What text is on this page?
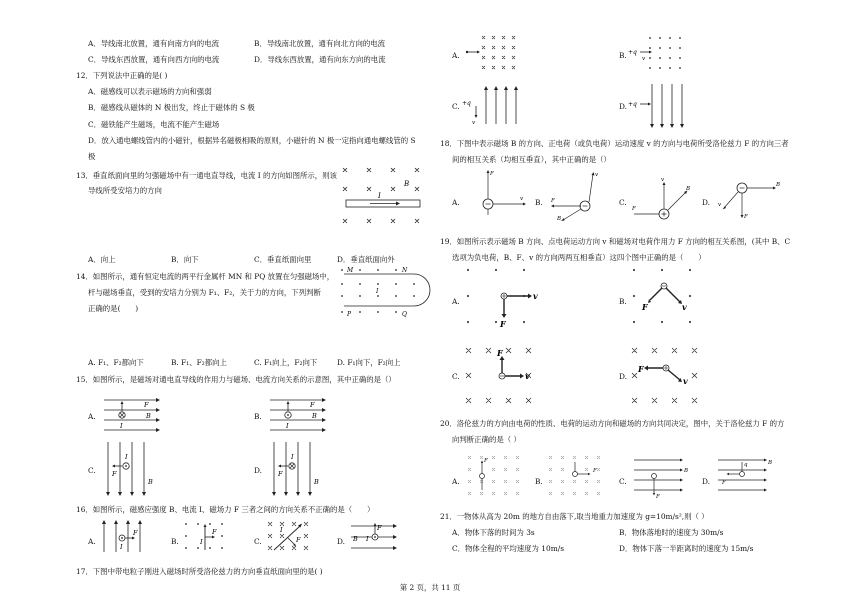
A．导线南北放置，通有向南方向的电流	B．导线南北放置，通有向北方向的电流
C．导线东西放置，通有向西方向的电流	D．导线东西放置，通有向东方向的电流
12．下列说法中正确的是( )
A．磁感线可以表示磁场的方向和强弱
B．磁感线从磁体的 N 极出发，终止于磁体的 S 极
C．磁铁能产生磁场，电流不能产生磁场
D．放入通电螺线管内的小磁针，根据异名磁极相吸的原则，小磁针的 N 极一定指向通电螺线管的 S
极
13．垂直纸面向里的匀强磁场中有一通电直导线，电流 I 的方向如图所示，则该
导线所受安培力的方向
I
B
A．向上	B．向下	C．垂直纸面向里	D．垂直纸面向外
14．如图所示，通有恒定电流的两平行金属杆 MN 和 PQ 放置在匀强磁场中，
杆与磁场垂直，受到的安培力分别为 F₁、F₂，关于力的方向，下列判断
正确的是(　　)
M	N
P	Q
I
A. F₁、F₂都向下	B. F₁、F₂都向上	C. F₁向上，F₂向下	D. F₁向下，F₂向上
15．如图所示，是磁场对通电直导线的作用力与磁场、电流方向关系的示意图，其中正确的是（）
A.
F
B
I
B.
F
B
I
C.	F
B
I
D. F
B
I
16．如图所示，磁感应强度 B、电流 I、磁场力 F 三者之间的方向关系不正确的是（　　）
A.
F
I
B.
F
I	C.	F
I
D.
F
B I
17．下图中带电粒子刚进入磁场时所受洛伦兹力的方向垂直纸面向里的是( )
A.	B. +q
v
C. +q
v
D. +q
18．下图中表示磁场 B 的方向、正电荷（或负电荷）运动速度 v 的方向与电荷所受洛伦兹力 F 的方向三者
间的相互关系（均相互垂直），其中正确的是（）
A.
F
v B.
v
F
B
C.
v
B
F
D.
B
v
F
19．如图所示表示磁场 B 方向、点电荷运动方向 v 和磁场对电荷作用力 F 方向的相互关系图，(其中 B、C
选项为负电荷，B、F、v 的方向两两互相垂直）这四个图中正确的是（　　）
A.
v
F
B.
v
F
C.
F
v	D.
F
v
20．洛伦兹力的方向由电荷的性质、电荷的运动方向和磁场的方向共同决定，图中，关于洛伦兹力 F 的方
向判断正确的是（ ）
A.
F
B.
F
C.
B
F
D.
B
q
F
21．一物体从高为 20m 的地方自由落下,取当地重力加速度为 g=10m/s²,则（ ）
A．物体下落的时间为 3s	B．物体落地时的速度为 30m/s
C．物体全程的平均速度为 10m/s	D．物体下落一半距离时的速度为 15m/s
第 2 页，共 11 页
